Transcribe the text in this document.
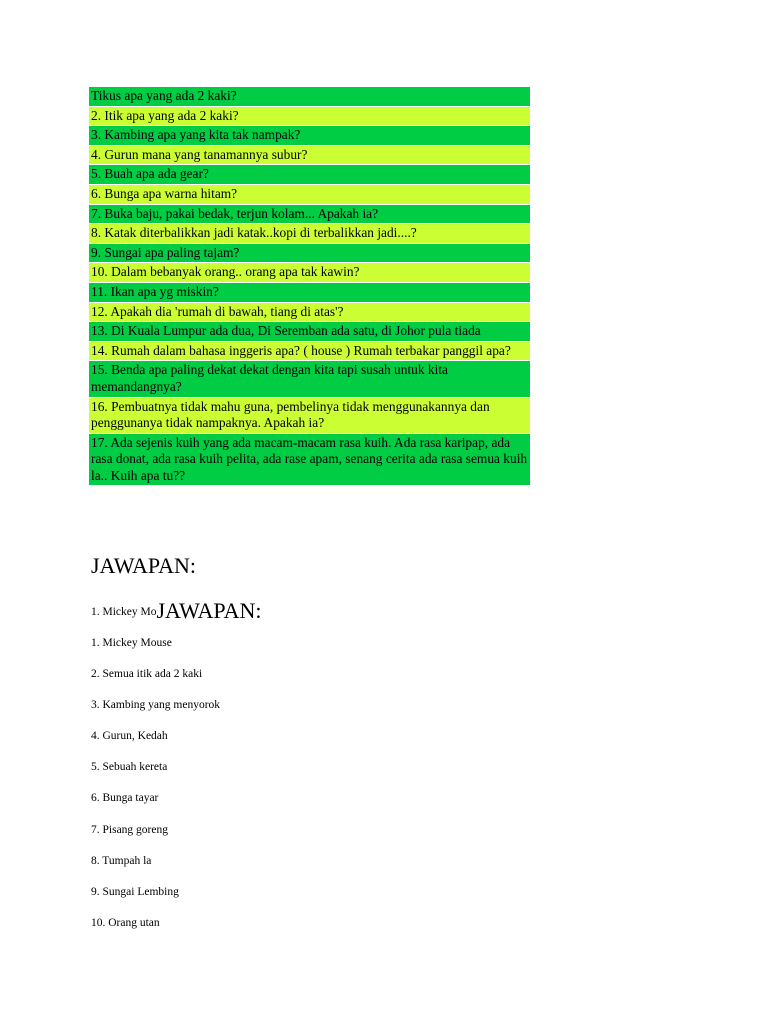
Tikus apa yang ada 2 kaki?
2. Itik apa yang ada 2 kaki?
3. Kambing apa yang kita tak nampak?
4. Gurun mana yang tanamannya subur?
5. Buah apa ada gear?
6. Bunga apa warna hitam?
7. Buka baju, pakai bedak, terjun kolam... Apakah ia?
8. Katak diterbalikkan jadi katak..kopi di terbalikkan jadi....?
9. Sungai apa paling tajam?
10. Dalam bebanyak orang.. orang apa tak kawin?
11. Ikan apa yg miskin?
12. Apakah dia 'rumah di bawah, tiang di atas'?
13. Di Kuala Lumpur ada dua, Di Seremban ada satu, di Johor pula tiada
14. Rumah dalam bahasa inggeris apa? ( house ) Rumah terbakar panggil apa?
15. Benda apa paling dekat dekat dengan kita tapi susah untuk kita memandangnya?
16. Pembuatnya tidak mahu guna, pembelinya tidak menggunakannya dan penggunanya tidak nampaknya. Apakah ia?
17. Ada sejenis kuih yang ada macam-macam rasa kuih. Ada rasa karipap, ada rasa donat, ada rasa kuih pelita, ada rase apam, senang cerita ada rasa semua kuih la.. Kuih apa tu??
JAWAPAN:
1. Mickey MoJAWAPAN:
1. Mickey Mouse
2. Semua itik ada 2 kaki
3. Kambing yang menyorok
4. Gurun, Kedah
5. Sebuah kereta
6. Bunga tayar
7. Pisang goreng
8. Tumpah la
9. Sungai Lembing
10. Orang utan
